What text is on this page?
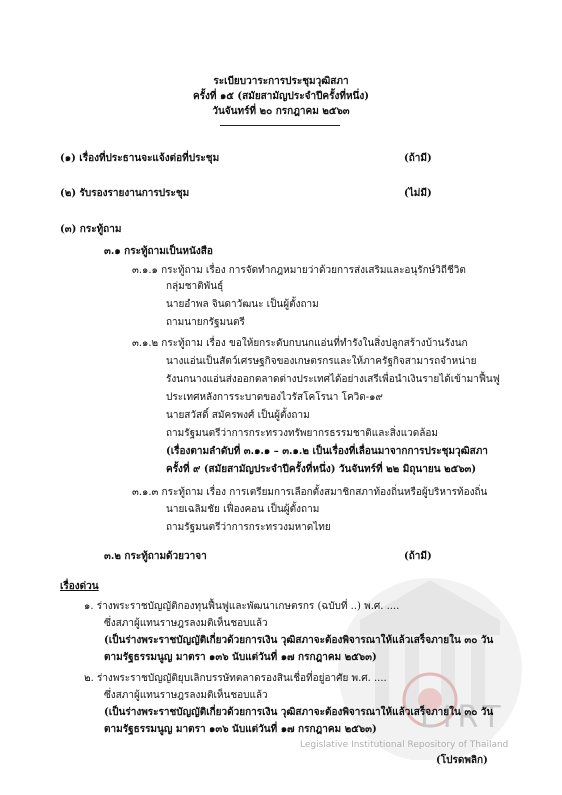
LIRT
Legislative Institutional Repository of Thailand
ระเบียบวาระการประชุมวุฒิสภา
ครั้งที่ ๑๕ (สมัยสามัญประจำปีครั้งที่หนึ่ง)
วันจันทร์ที่ ๒๐ กรกฎาคม ๒๕๖๓
(๑) เรื่องที่ประธานจะแจ้งต่อที่ประชุม	(ถ้ามี)
(๒) รับรองรายงานการประชุม	(ไม่มี)
(๓) กระทู้ถาม
๓.๑ กระทู้ถามเป็นหนังสือ
๓.๑.๑ กระทู้ถาม เรื่อง การจัดทำกฎหมายว่าด้วยการส่งเสริมและอนุรักษ์วิถีชีวิต
กลุ่มชาติพันธุ์
นายอำพล จินดาวัฒนะ เป็นผู้ตั้งถาม
ถามนายกรัฐมนตรี
๓.๑.๒ กระทู้ถาม เรื่อง ขอให้ยกระดับกบนกแอ่นที่ทำรังในสิ่งปลูกสร้างบ้านรังนก
นางแอ่นเป็นสัตว์เศรษฐกิจของเกษตรกรและให้ภาครัฐกิจสามารถจำหน่าย
รังนกนางแอ่นส่งออกตลาดต่างประเทศได้อย่างเสรีเพื่อนำเงินรายได้เข้ามาฟื้นฟู
ประเทศหลังการระบาดของไวรัสโคโรนา โควิด-๑๙
นายสวัสดิ์ สมัครพงศ์ เป็นผู้ตั้งถาม
ถามรัฐมนตรีว่าการกระทรวงทรัพยากรธรรมชาติและสิ่งแวดล้อม
(เรื่องตามลำดับที่ ๓.๑.๑ – ๓.๑.๒ เป็นเรื่องที่เลื่อนมาจากการประชุมวุฒิสภา
ครั้งที่ ๙ (สมัยสามัญประจำปีครั้งที่หนึ่ง) วันจันทร์ที่ ๒๒ มิถุนายน ๒๕๖๓)
๓.๑.๓ กระทู้ถาม เรื่อง การเตรียมการเลือกตั้งสมาชิกสภาท้องถิ่นหรือผู้บริหารท้องถิ่น
นายเฉลิมชัย เฟื่องคอน เป็นผู้ตั้งถาม
ถามรัฐมนตรีว่าการกระทรวงมหาดไทย
๓.๒ กระทู้ถามด้วยวาจา	(ถ้ามี)
เรื่องด่วน
๑. ร่างพระราชบัญญัติกองทุนฟื้นฟูและพัฒนาเกษตรกร (ฉบับที่ ..) พ.ศ. ....
ซึ่งสภาผู้แทนราษฎรลงมติเห็นชอบแล้ว
(เป็นร่างพระราชบัญญัติเกี่ยวด้วยการเงิน วุฒิสภาจะต้องพิจารณาให้แล้วเสร็จภายใน ๓๐ วัน
ตามรัฐธรรมนูญ มาตรา ๑๓๖ นับแต่วันที่ ๑๗ กรกฎาคม ๒๕๖๓)
๒. ร่างพระราชบัญญัติยุบเลิกบรรษัทตลาดรองสินเชื่อที่อยู่อาศัย พ.ศ. ....
ซึ่งสภาผู้แทนราษฎรลงมติเห็นชอบแล้ว
(เป็นร่างพระราชบัญญัติเกี่ยวด้วยการเงิน วุฒิสภาจะต้องพิจารณาให้แล้วเสร็จภายใน ๓๐ วัน
ตามรัฐธรรมนูญ มาตรา ๑๓๖ นับแต่วันที่ ๑๗ กรกฎาคม ๒๕๖๓)
(โปรดพลิก)
